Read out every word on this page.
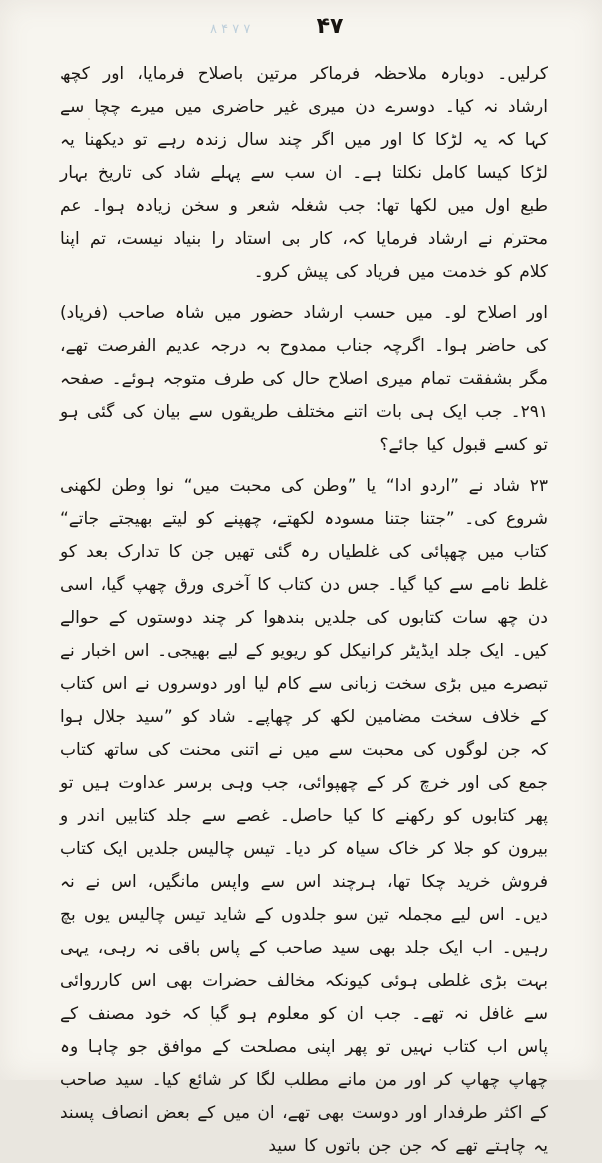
۸ ۴ ۷ ۷	۴۷

کرلیں۔ دوبارہ ملاحظہ فرماکر مرتین باصلاح فرمایا، اور کچھ ارشاد نہ کیا۔ دوسرے دن میری غیر حاضری میں میرے چچا سے کہا کہ یہ لڑکا کا اور میں اگر چند سال زندہ رہے تو دیکھنا یہ لڑکا کیسا کامل نکلتا ہے۔ ان سب سے پہلے شاد کی تاریخ بہار طبع اول میں لکھا تھا: جب شغلہ شعر و سخن زیادہ ہوا۔ عم محترم نے ارشاد فرمایا کہ، کار بی استاد را بنیاد نیست، تم اپنا کلام کو خدمت میں فریاد کی پیش کرو۔

اور اصلاح لو۔ میں حسب ارشاد حضور میں شاہ صاحب (فریاد) کی حاضر ہوا۔ اگرچہ جناب ممدوح بہ درجہ عدیم الفرصت تھے، مگر بشفقت تمام میری اصلاح حال کی طرف متوجہ ہوئے۔ صفحہ ۲۹۱۔ جب ایک ہی بات اتنے مختلف طریقوں سے بیان کی گئی ہو تو کسے قبول کیا جائے؟

۲۳ شاد نے ”اردو ادا“ یا ”وطن کی محبت میں“ نوا وطن لکھنی شروع کی۔ ”جتنا جتنا مسودہ لکھتے، چھپنے کو لیتے بھیجتے جاتے“ کتاب میں چھپائی کی غلطیاں رہ گئی تھیں جن کا تدارک بعد کو غلط نامے سے کیا گیا۔ جس دن کتاب کا آخری ورق چھپ گیا، اسی دن چھ سات کتابوں کی جلدیں بندھوا کر چند دوستوں کے حوالے کیں۔ ایک جلد ایڈیٹر کرانیکل کو ریویو کے لیے بھیجی۔ اس اخبار نے تبصرے میں بڑی سخت زبانی سے کام لیا اور دوسروں نے اس کتاب کے خلاف سخت مضامین لکھ کر چھاپے۔ شاد کو ”سید جلال ہوا کہ جن لوگوں کی محبت سے میں نے اتنی محنت کی ساتھ کتاب جمع کی اور خرچ کر کے چھپوائی، جب وہی برسر عداوت ہیں تو پھر کتابوں کو رکھنے کا کیا حاصل۔ غصے سے جلد کتابیں اندر و بیرون کو جلا کر خاک سیاہ کر دیا۔ تیس چالیس جلدیں ایک کتاب فروش خرید چکا تھا، ہرچند اس سے واپس مانگیں، اس نے نہ دیں۔ اس لیے مجملہ تین سو جلدوں کے شاید تیس چالیس یوں بچ رہیں۔ اب ایک جلد بھی سید صاحب کے پاس باقی نہ رہی، یہی بہت بڑی غلطی ہوئی کیونکہ مخالف حضرات بھی اس کارروائی سے غافل نہ تھے۔ جب ان کو معلوم ہو گیا کہ خود مصنف کے پاس اب کتاب نہیں تو پھر اپنی مصلحت کے موافق جو چاہا وہ چھاپ چھاپ کر اور من مانے مطلب لگا کر شائع کیا۔ سید صاحب کے اکثر طرفدار اور دوست بھی تھے، ان میں کے بعض انصاف پسند یہ چاہتے تھے کہ جن جن باتوں کا سید
